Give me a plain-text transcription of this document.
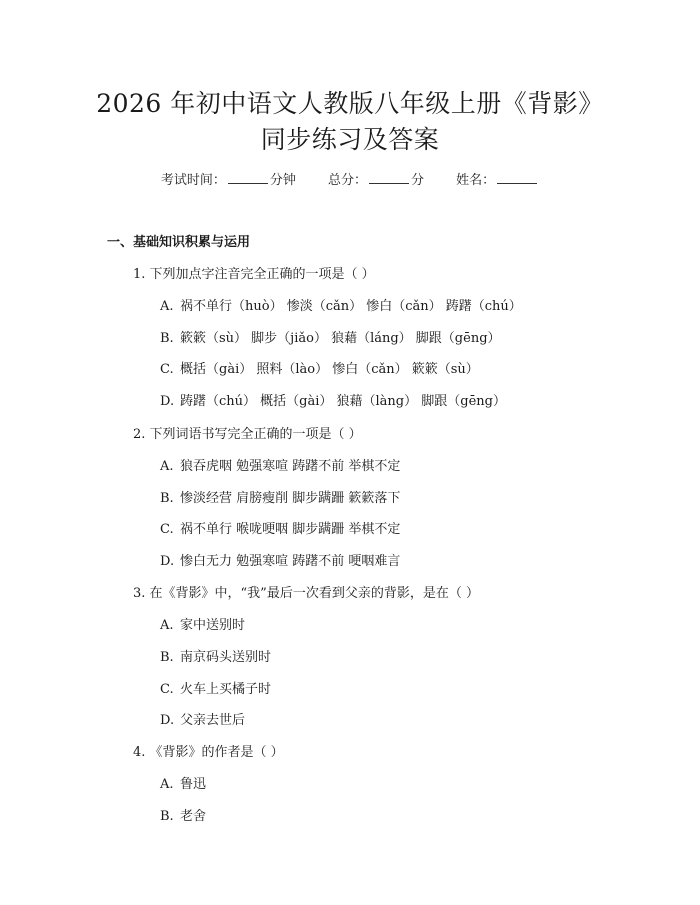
2026 年初中语文人教版八年级上册《背影》
同步练习及答案
考试时间：	分钟 总分：	分 姓名：
一、基础知识积累与运用
1. 下列加点字注音完全正确的一项是（ ）
A. 祸不单行（huò） 惨淡（cǎn） 惨白（cǎn） 踌躇（chú）
B. 簌簌（sù） 脚步（jiǎo） 狼藉（láng） 脚跟（gēng）
C. 概括（gài） 照料（lào） 惨白（cǎn） 簌簌（sù）
D. 踌躇（chú） 概括（gài） 狼藉（làng） 脚跟（gēng）
2. 下列词语书写完全正确的一项是（ ）
A. 狼吞虎咽 勉强寒喧 踌躇不前 举棋不定
B. 惨淡经营 肩膀瘦削 脚步蹒跚 簌簌落下
C. 祸不单行 喉咙哽咽 脚步蹒跚 举棋不定
D. 惨白无力 勉强寒喧 踌躇不前 哽咽难言
3. 在《背影》中，“我”最后一次看到父亲的背影，是在（ ）
A. 家中送别时
B. 南京码头送别时
C. 火车上买橘子时
D. 父亲去世后
4. 《背影》的作者是（ ）
A. 鲁迅
B. 老舍
